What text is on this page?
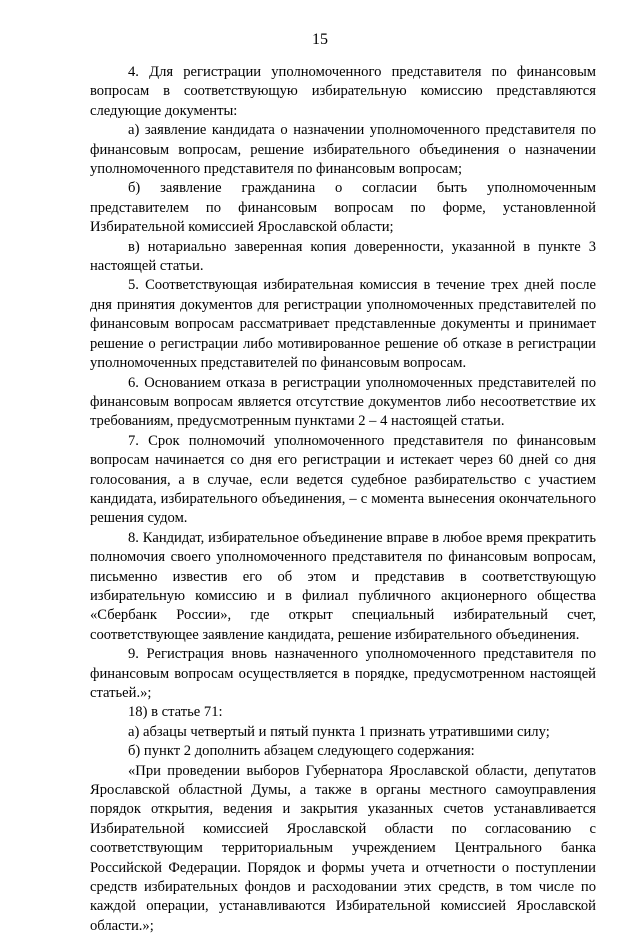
15

4. Для регистрации уполномоченного представителя по финансовым вопросам в соответствующую избирательную комиссию представляются следующие документы:

а) заявление кандидата о назначении уполномоченного представителя по финансовым вопросам, решение избирательного объединения о назначении уполномоченного представителя по финансовым вопросам;

б) заявление гражданина о согласии быть уполномоченным представителем по финансовым вопросам по форме, установленной Избирательной комиссией Ярославской области;

в) нотариально заверенная копия доверенности, указанной в пункте 3 настоящей статьи.

5. Соответствующая избирательная комиссия в течение трех дней после дня принятия документов для регистрации уполномоченных представителей по финансовым вопросам рассматривает представленные документы и принимает решение о регистрации либо мотивированное решение об отказе в регистрации уполномоченных представителей по финансовым вопросам.

6. Основанием отказа в регистрации уполномоченных представителей по финансовым вопросам является отсутствие документов либо несоответствие их требованиям, предусмотренным пунктами 2 – 4 настоящей статьи.

7. Срок полномочий уполномоченного представителя по финансовым вопросам начинается со дня его регистрации и истекает через 60 дней со дня голосования, а в случае, если ведется судебное разбирательство с участием кандидата, избирательного объединения, – с момента вынесения окончательного решения судом.

8. Кандидат, избирательное объединение вправе в любое время прекратить полномочия своего уполномоченного представителя по финансовым вопросам, письменно известив его об этом и представив в соответствующую избирательную комиссию и в филиал публичного акционерного общества «Сбербанк России», где открыт специальный избирательный счет, соответствующее заявление кандидата, решение избирательного объединения.

9. Регистрация вновь назначенного уполномоченного представителя по финансовым вопросам осуществляется в порядке, предусмотренном настоящей статьей.»;

18) в статье 71:

а) абзацы четвертый и пятый пункта 1 признать утратившими силу;

б) пункт 2 дополнить абзацем следующего содержания:

«При проведении выборов Губернатора Ярославской области, депутатов Ярославской областной Думы, а также в органы местного самоуправления порядок открытия, ведения и закрытия указанных счетов устанавливается Избирательной комиссией Ярославской области по согласованию с соответствующим территориальным учреждением Центрального банка Российской Федерации. Порядок и формы учета и отчетности о поступлении средств избирательных фондов и расходовании этих средств, в том числе по каждой операции, устанавливаются Избирательной комиссией Ярославской области.»;
